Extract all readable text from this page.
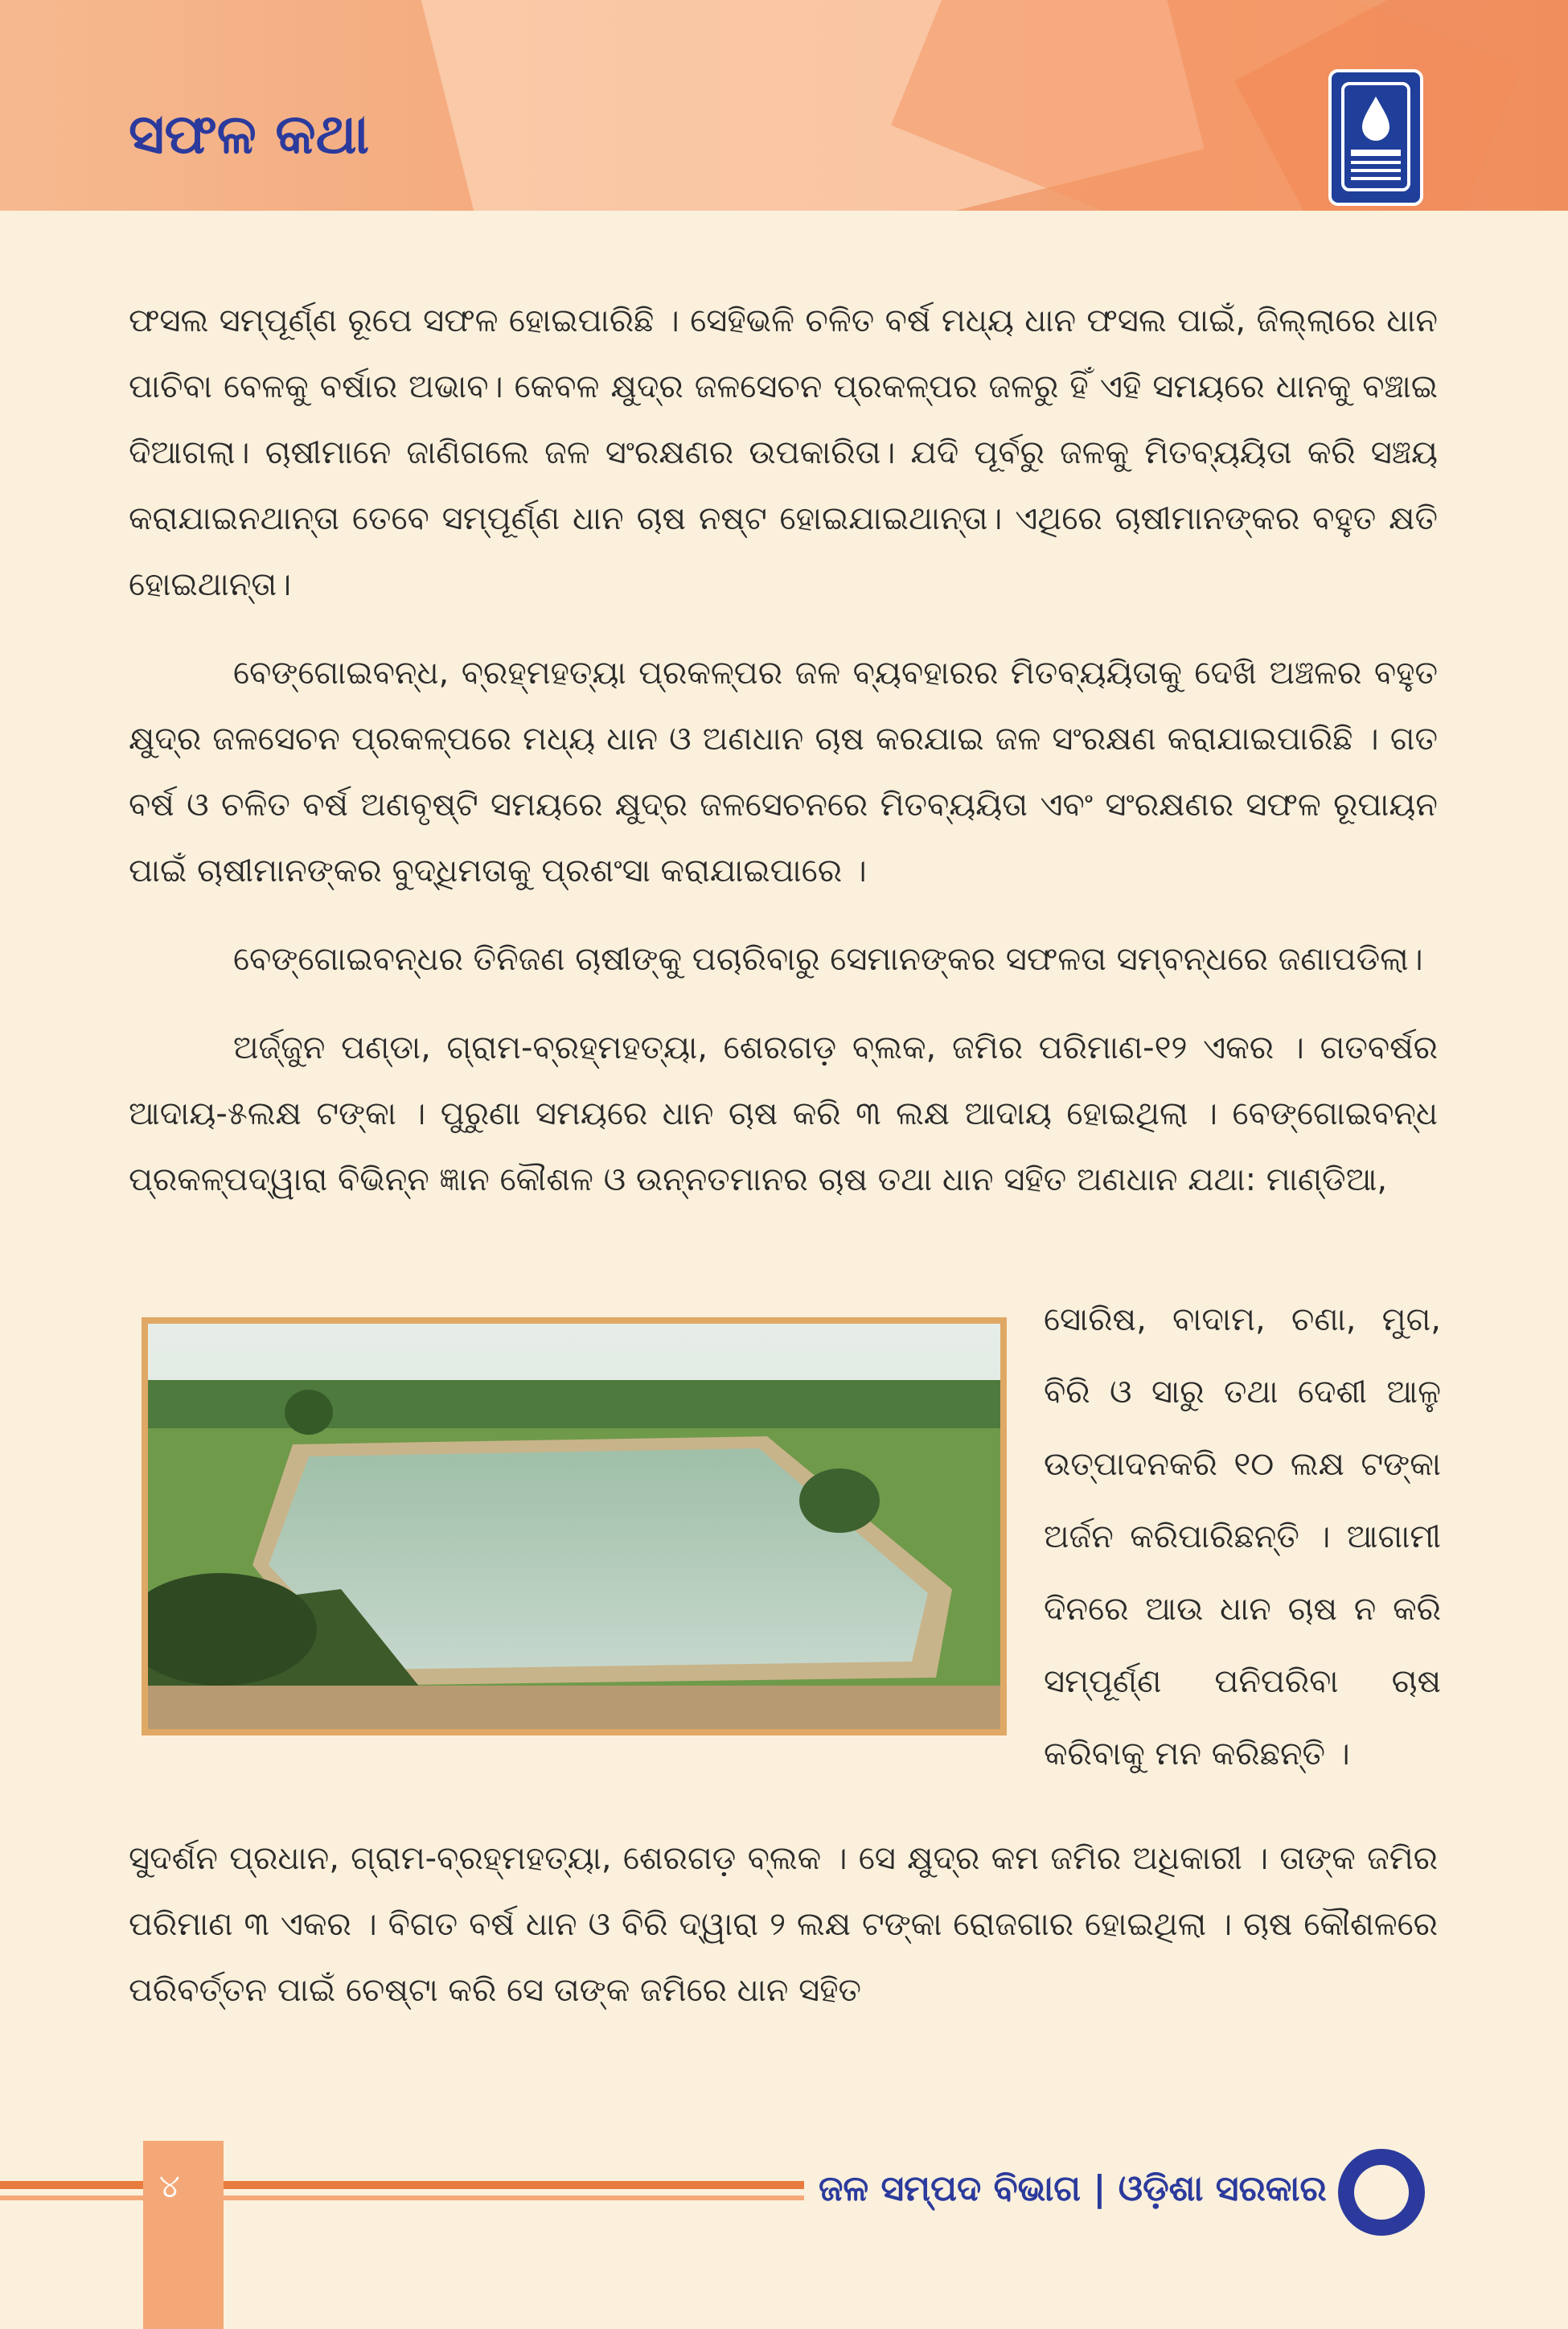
ସଫଳ କଥା

ଫସଲ ସମ୍ପୂର୍ଣ୍ଣ ରୂପେ ସଫଳ ହୋଇପାରିଛି । ସେହିଭଳି ଚଳିତ ବର୍ଷ ମଧ୍ୟ ଧାନ ଫସଲ ପାଇଁ, ଜିଲ୍ଲାରେ ଧାନ ପାଚିବା ବେଳକୁ ବର୍ଷାର ଅଭାବ। କେବଳ କ୍ଷୁଦ୍ର ଜଳସେଚନ ପ୍ରକଳ୍ପର ଜଳରୁ ହିଁ ଏହି ସମୟରେ ଧାନକୁ ବଞ୍ଚାଇ ଦିଆଗଲା। ଚାଷୀମାନେ ଜାଣିଗଲେ ଜଳ ସଂରକ୍ଷଣର ଉପକାରିତା। ଯଦି ପୂର୍ବରୁ ଜଳକୁ ମିତବ୍ୟୟିତା କରି ସଞ୍ଚୟ କରାଯାଇନଥାନ୍ତା ତେବେ ସମ୍ପୂର୍ଣ୍ଣ ଧାନ ଚାଷ ନଷ୍ଟ ହୋଇଯାଇଥାନ୍ତା। ଏଥିରେ ଚାଷୀମାନଙ୍କର ବହୁତ କ୍ଷତି ହୋଇଥାନ୍ତା।

ବେଙ୍ଗୋଇବନ୍ଧ, ବ୍ରହ୍ମହତ୍ୟା ପ୍ରକଳ୍ପର ଜଳ ବ୍ୟବହାରର ମିତବ୍ୟୟିତାକୁ ଦେଖି ଅଞ୍ଚଳର ବହୁତ କ୍ଷୁଦ୍ର ଜଳସେଚନ ପ୍ରକଳ୍ପରେ ମଧ୍ୟ ଧାନ ଓ ଅଣଧାନ ଚାଷ କରଯାଇ ଜଳ ସଂରକ୍ଷଣ କରାଯାଇପାରିଛି । ଗତ ବର୍ଷ ଓ ଚଳିତ ବର୍ଷ ଅଣବୃଷ୍ଟି ସମୟରେ କ୍ଷୁଦ୍ର ଜଳସେଚନରେ ମିତବ୍ୟୟିତା ଏବଂ ସଂରକ୍ଷଣର ସଫଳ ରୂପାୟନ ପାଇଁ ଚାଷୀମାନଙ୍କର ବୁଦ୍ଧିମତାକୁ ପ୍ରଶଂସା କରାଯାଇପାରେ ।

ବେଙ୍ଗୋଇବନ୍ଧର ତିନିଜଣ ଚାଷୀଙ୍କୁ ପଚାରିବାରୁ ସେମାନଙ୍କର ସଫଳତା ସମ୍ବନ୍ଧରେ ଜଣାପଡିଲା।

ଅର୍ଜ୍ଜୁନ ପଣ୍ଡା, ଗ୍ରାମ-ବ୍ରହ୍ମହତ୍ୟା, ଶେରଗଡ଼ ବ୍ଲକ, ଜମିର ପରିମାଣ-୧୨ ଏକର । ଗତବର୍ଷର ଆଦାୟ-୫ଲକ୍ଷ ଟଙ୍କା । ପୁରୁଣା ସମୟରେ ଧାନ ଚାଷ କରି ୩ ଲକ୍ଷ ଆଦାୟ ହୋଇଥିଲା । ବେଙ୍ଗୋଇବନ୍ଧ ପ୍ରକଳ୍ପଦ୍ୱାରା ବିଭିନ୍ନ ଜ୍ଞାନ କୌଶଳ ଓ ଉନ୍ନତମାନର ଚାଷ ତଥା ଧାନ ସହିତ ଅଣଧାନ ଯଥା: ମାଣ୍ଡିଆ,

ସୋରିଷ, ବାଦାମ, ଚଣା, ମୁଗ, ବିରି ଓ ସାରୁ ତଥା ଦେଶୀ ଆଳୁ ଉତ୍ପାଦନକରି ୧୦ ଲକ୍ଷ ଟଙ୍କା ଅର୍ଜନ କରିପାରିଛନ୍ତି । ଆଗାମୀ ଦିନରେ ଆଉ ଧାନ ଚାଷ ନ କରି ସମ୍ପୂର୍ଣ୍ଣ ପନିପରିବା ଚାଷ କରିବାକୁ ମନ କରିଛନ୍ତି ।
ସୁଦର୍ଶନ ପ୍ରଧାନ, ଗ୍ରାମ-ବ୍ରହ୍ମହତ୍ୟା, ଶେରଗଡ଼ ବ୍ଲକ । ସେ କ୍ଷୁଦ୍ର କମ ଜମିର ଅଧିକାରୀ । ତାଙ୍କ ଜମିର ପରିମାଣ ୩ ଏକର । ବିଗତ ବର୍ଷ ଧାନ ଓ ବିରି ଦ୍ୱାରା ୨ ଲକ୍ଷ ଟଙ୍କା ରୋଜଗାର ହୋଇଥିଲା । ଚାଷ କୌଶଳରେ ପରିବର୍ତ୍ତନ ପାଇଁ ଚେଷ୍ଟା କରି ସେ ତାଙ୍କ ଜମିରେ ଧାନ ସହିତ
୪	ଜଳ ସମ୍ପଦ ବିଭାଗ | ଓଡ଼ିଶା ସରକାର
